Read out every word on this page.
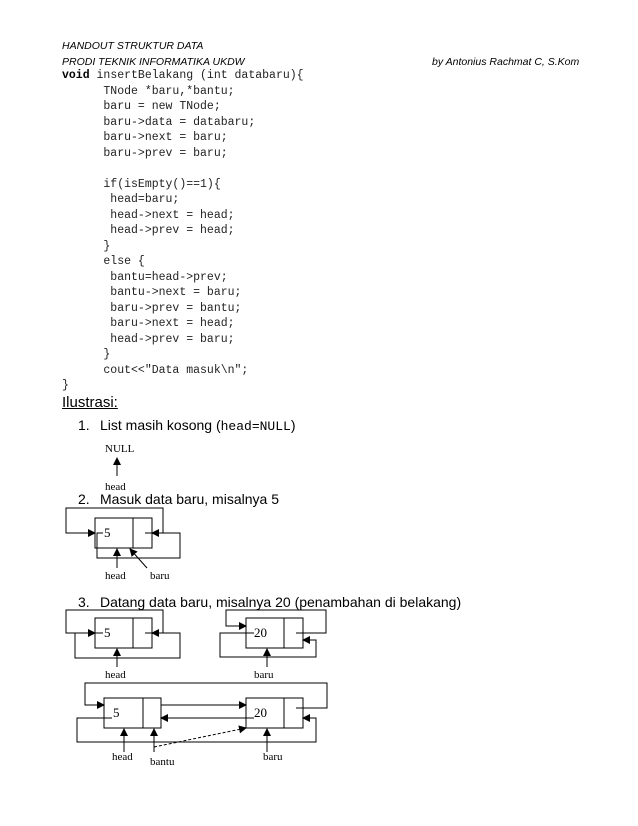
HANDOUT STRUKTUR DATA
PRODI TEKNIK INFORMATIKA UKDW	by Antonius Rachmat C, S.Kom
void insertBelakang (int databaru){
TNode *baru,*bantu;
baru = new TNode;
baru->data = databaru;
baru->next = baru;
baru->prev = baru;

if(isEmpty()==1){
head=baru;
head->next = head;
head->prev = head;
}
else {
bantu=head->prev;
bantu->next = baru;
baru->prev = bantu;
baru->next = head;
head->prev = baru;
}
cout<<"Data masuk\n";
}
Ilustrasi:
1. List masih kosong (head=NULL)
2. Masuk data baru, misalnya 5
3. Datang data baru, misalnya 20 (penambahan di belakang)
NULL
head
5
head baru
5
head
20
baru
5	20
head bantu	baru
